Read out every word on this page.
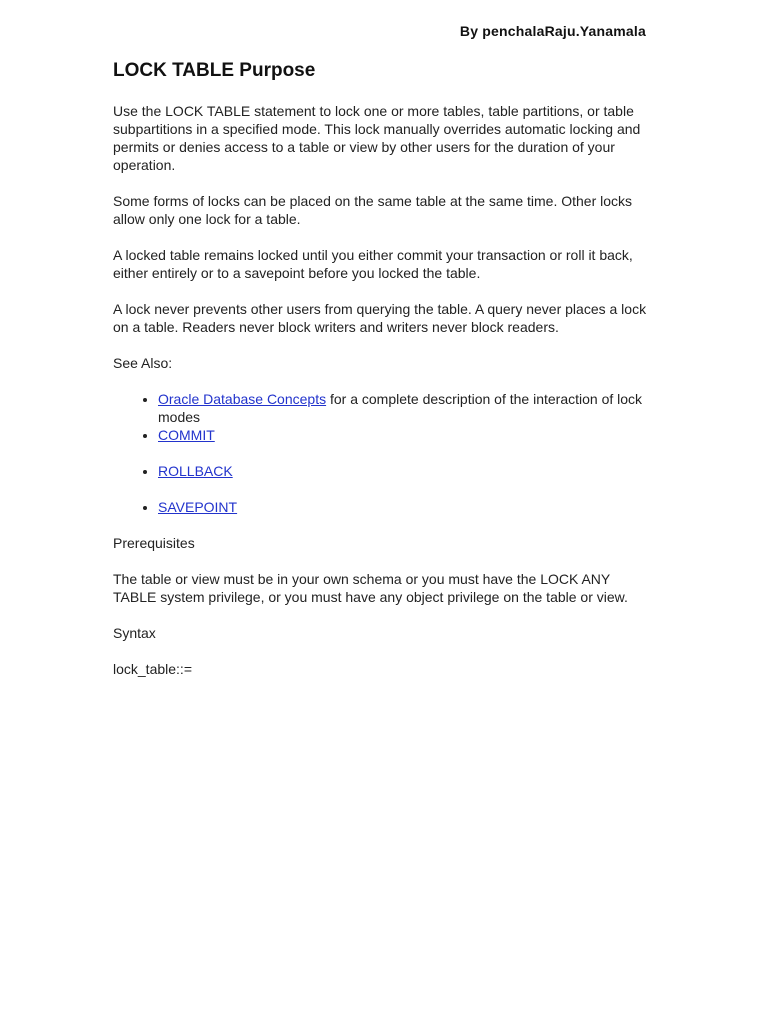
By penchalaRaju.Yanamala
LOCK TABLE Purpose

Use the LOCK TABLE statement to lock one or more tables, table partitions, or table subpartitions in a specified mode. This lock manually overrides automatic locking and permits or denies access to a table or view by other users for the duration of your operation.

Some forms of locks can be placed on the same table at the same time. Other locks allow only one lock for a table.

A locked table remains locked until you either commit your transaction or roll it back, either entirely or to a savepoint before you locked the table.

A lock never prevents other users from querying the table. A query never places a lock on a table. Readers never block writers and writers never block readers.

See Also:

• Oracle Database Concepts for a complete description of the interaction of lock modes
• COMMIT
• ROLLBACK
• SAVEPOINT

Prerequisites

The table or view must be in your own schema or you must have the LOCK ANY TABLE system privilege, or you must have any object privilege on the table or view.

Syntax

lock_table::=
